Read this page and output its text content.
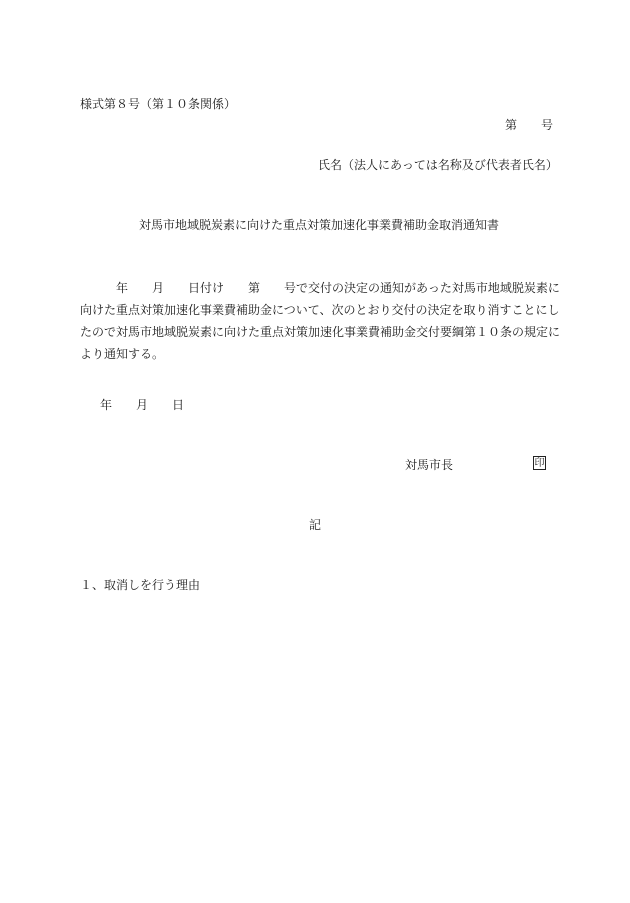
様式第８号（第１０条関係）
第　　号
氏名（法人にあっては名称及び代表者氏名）
対馬市地域脱炭素に向けた重点対策加速化事業費補助金取消通知書
　　　年　　月　　日付け　　第　　号で交付の決定の通知があった対馬市地域脱炭素に
向けた重点対策加速化事業費補助金について、次のとおり交付の決定を取り消すことにし
たので対馬市地域脱炭素に向けた重点対策加速化事業費補助金交付要綱第１０条の規定に
より通知する。
年　　月　　日
対馬市長	印
記
１、取消しを行う理由
